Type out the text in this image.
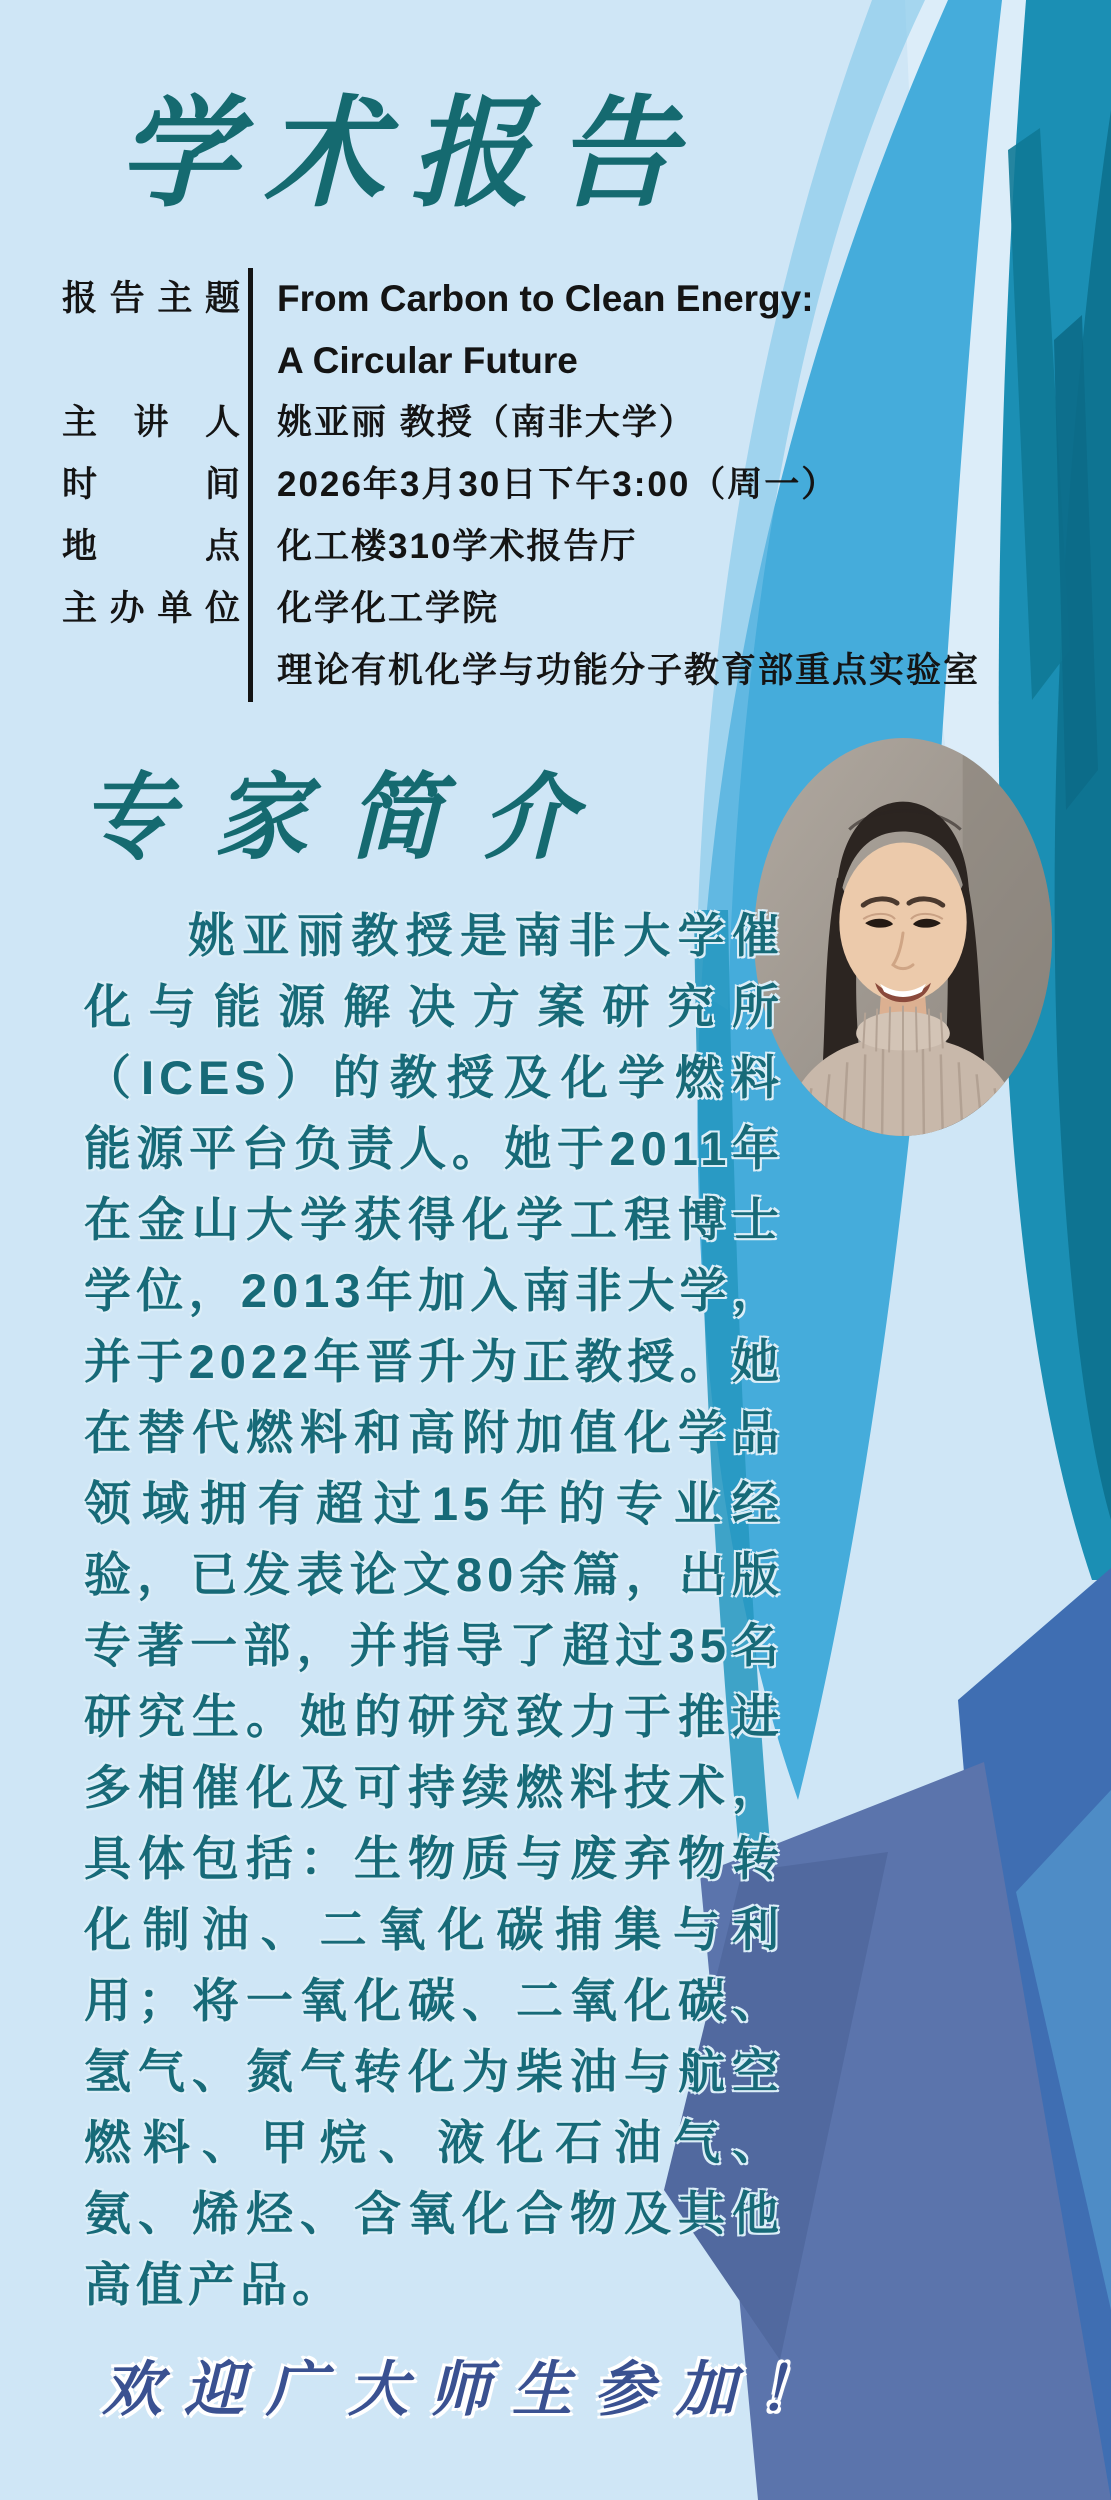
学术报告
报告主题
主讲人
时间
地点
主办单位
From Carbon to Clean Energy:
A Circular Future
姚亚丽 教授（南非大学）
2026年3月30日下午3:00（周一）
化工楼310学术报告厅
化学化工学院
理论有机化学与功能分子教育部重点实验室
专家简介

姚亚丽教授是南非大学催化与能源解决方案研究所（ICES）的教授及化学燃料能源平台负责人。她于2011年在金山大学获得化学工程博士学位，2013年加入南非大学，并于2022年晋升为正教授。她在替代燃料和高附加值化学品领域拥有超过15年的专业经验，已发表论文80余篇，出版专著一部，并指导了超过35名研究生。她的研究致力于推进多相催化及可持续燃料技术，具体包括：生物质与废弃物转化制油、二氧化碳捕集与利用；将一氧化碳、二氧化碳、氢气、氮气转化为柴油与航空燃料、甲烷、液化石油气、氨、烯烃、含氧化合物及其他高值产品。

欢迎广大师生参加！
